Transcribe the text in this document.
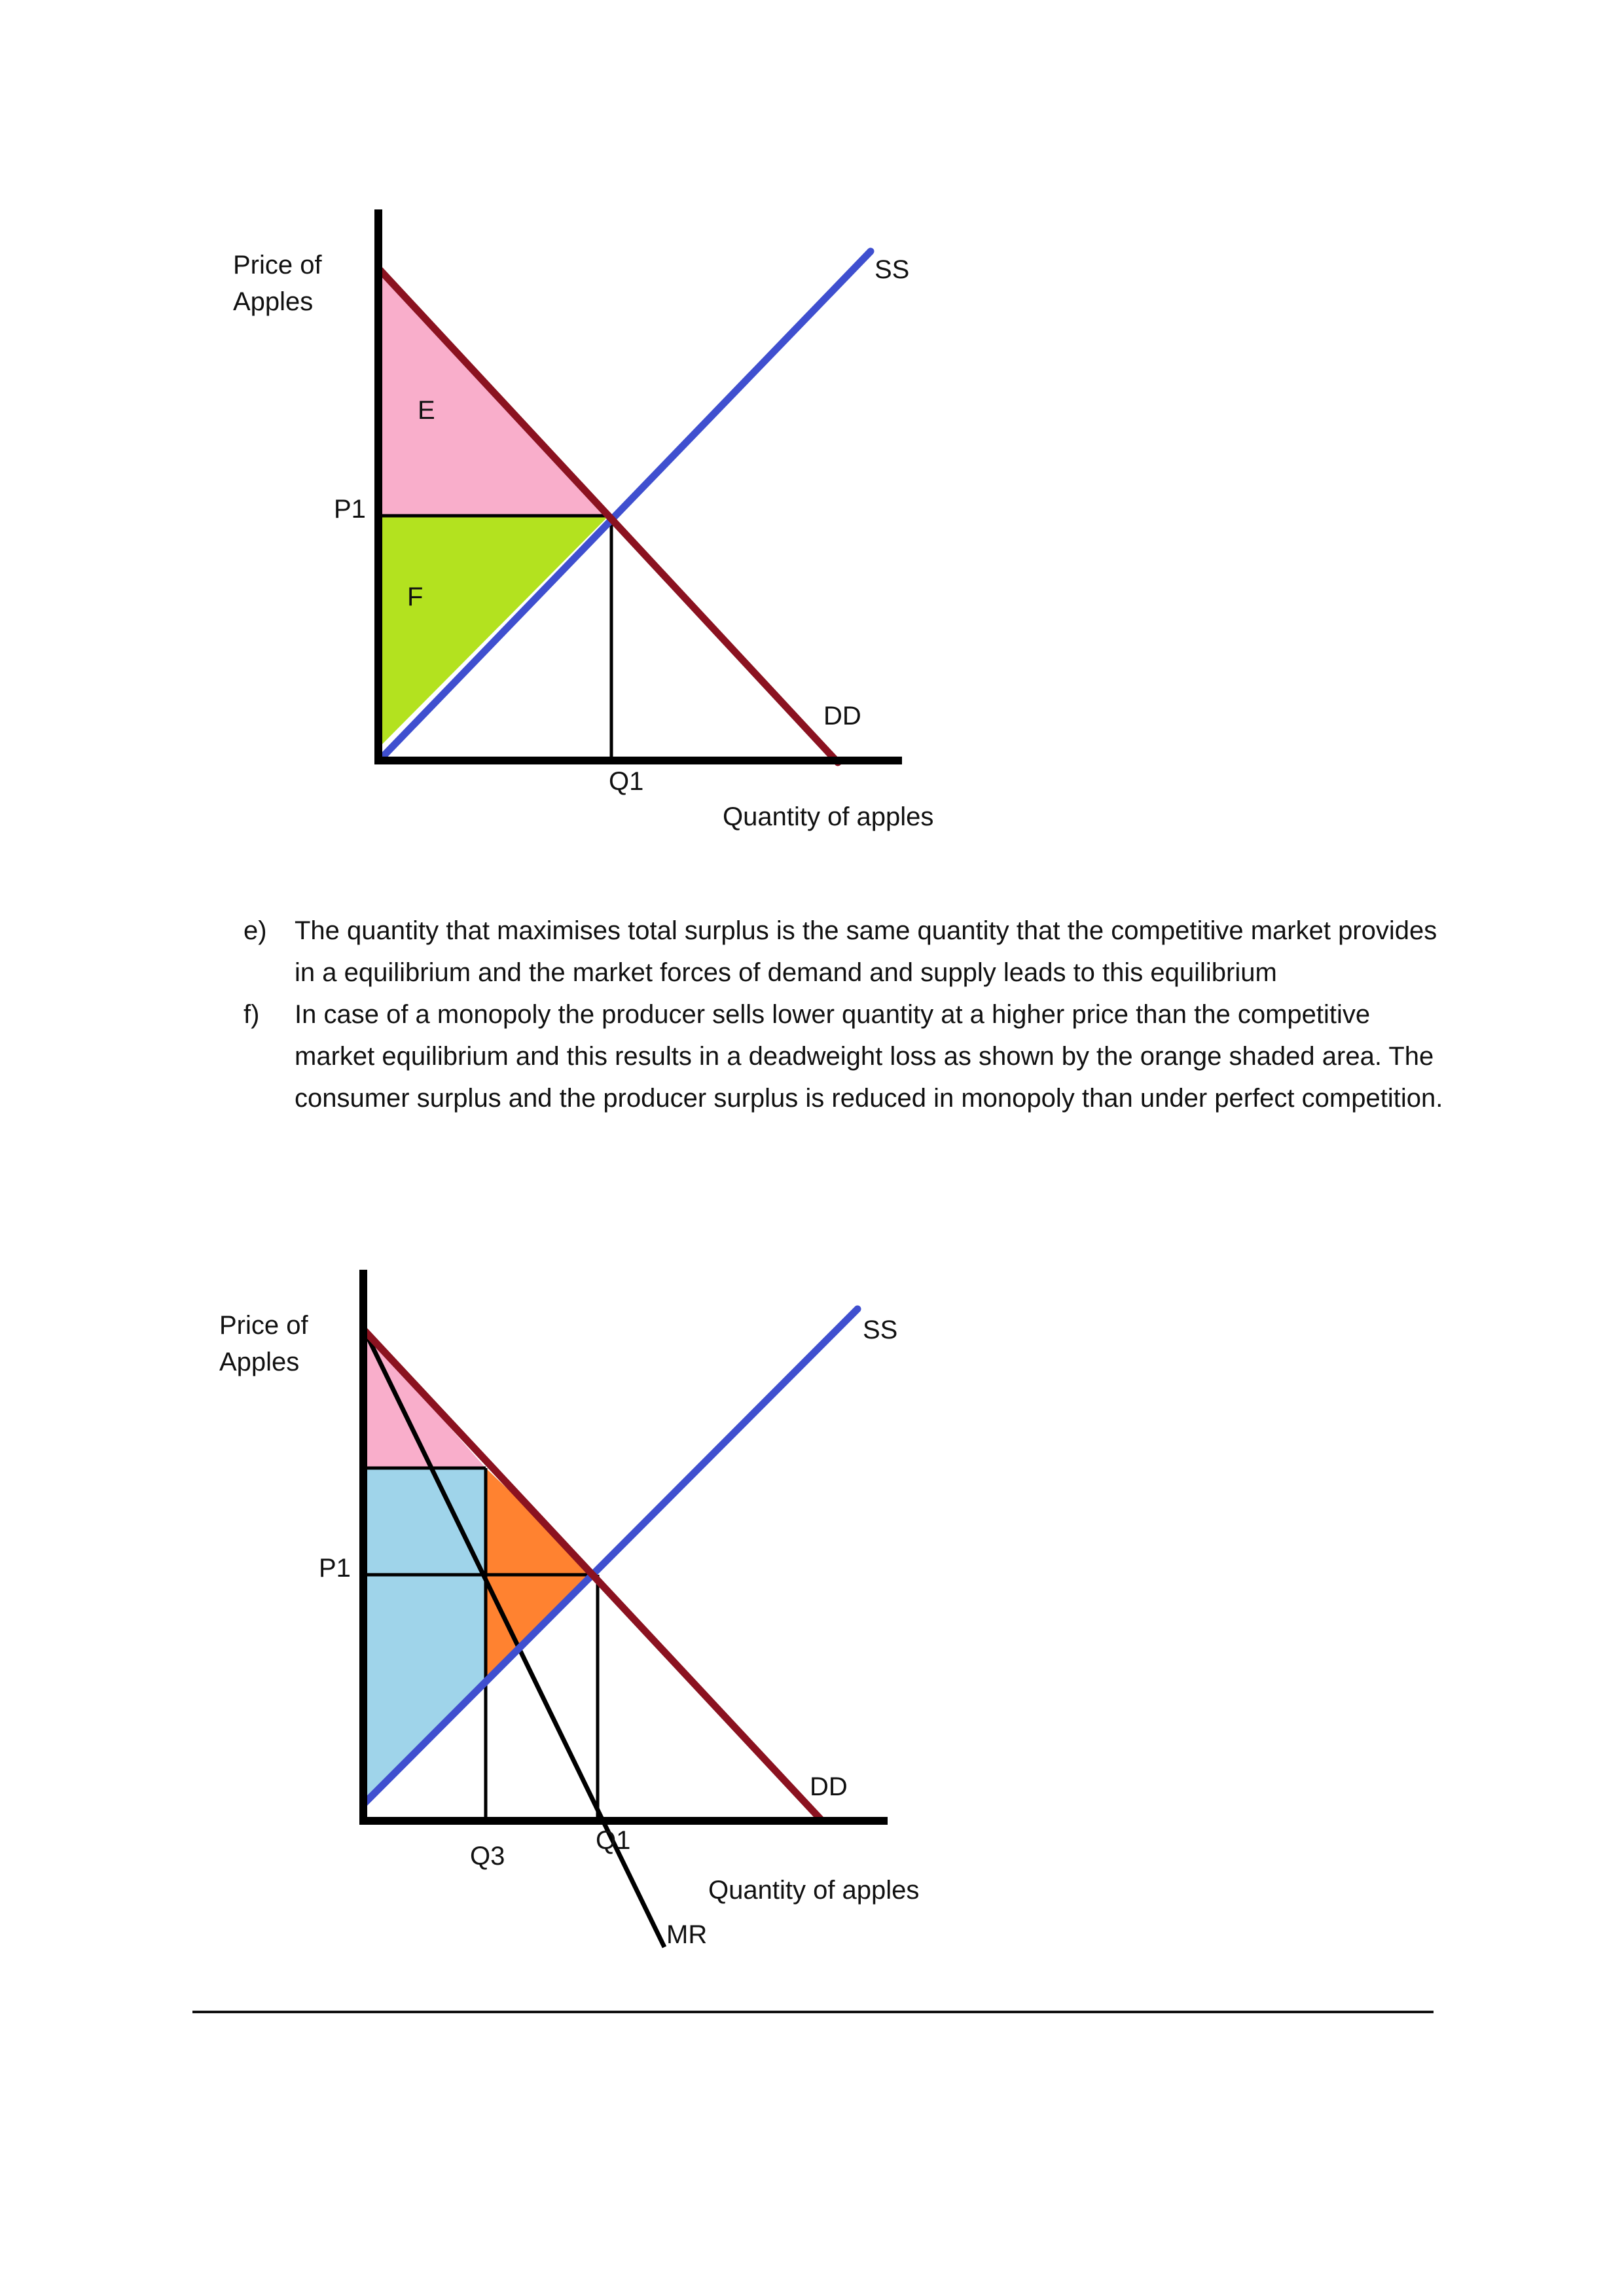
Price of
Apples
SS
E
P1
F
DD
Q1
Quantity of apples
e)	The quantity that maximises total surplus is the same quantity that the competitive market provides in a equilibrium and the market forces of demand and supply leads to this equilibrium
f)	In case of a monopoly the producer sells lower quantity at a higher price than the competitive market equilibrium and this results in a deadweight loss as shown by the orange shaded area. The consumer surplus and the producer surplus is reduced in monopoly than under perfect competition.
Price of
Apples
SS
P1
DD
Q1
Q3
Quantity of apples
MR
